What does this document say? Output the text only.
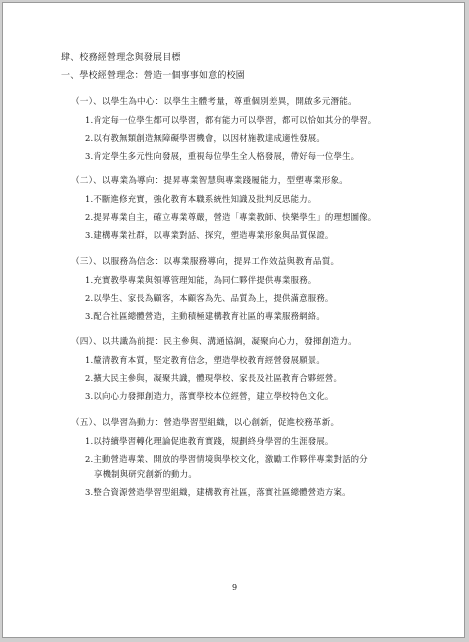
肆、校務經營理念與發展目標
一、學校經營理念：營造一個事事如意的校園
（一）、以學生為中心：以學生主體考量，尊重個別差異，開啟多元潛能。
1.肯定每一位學生都可以學習，都有能力可以學習，都可以恰如其分的學習。
2.以有教無類創造無障礙學習機會，以因材施教達成適性發展。
3.肯定學生多元性向發展，重視每位學生全人格發展，帶好每一位學生。
（二）、以專業為導向：提昇專業智慧與專業踐履能力，型塑專業形象。
1.不斷進修充實，強化教育本職系統性知識及批判反思能力。
2.提昇專業自主，確立專業尊嚴，營造「專業教師、快樂學生」的理想圖像。
3.建構專業社群，以專業對話、探究，塑造專業形象與品質保證。
（三）、以服務為信念：以專業服務導向，提昇工作效益與教育品質。
1.充實教學專業與領導管理知能，為同仁夥伴提供專業服務。
2.以學生、家長為顧客，本顧客為先、品質為上，提供滿意服務。
3.配合社區總體營造，主動積極建構教育社區的專業服務網絡。
（四）、以共識為前提：民主參與、溝通協調，凝聚向心力，發揮創造力。
1.釐清教育本質，堅定教育信念，塑造學校教育經營發展願景。
2.擴大民主參與，凝聚共識，體現學校、家長及社區教育合夥經營。
3.以向心力發揮創造力，落實學校本位經營，建立學校特色文化。
（五）、以學習為動力：營造學習型組織，以心創新，促進校務革新。
1.以持續學習轉化理論促進教育實踐，規劃終身學習的生涯發展。
2.主動營造專業、開放的學習情境與學校文化，激勵工作夥伴專業對話的分
享機制與研究創新的動力。
3.整合資源營造學習型組織，建構教育社區，落實社區總體營造方案。
9
